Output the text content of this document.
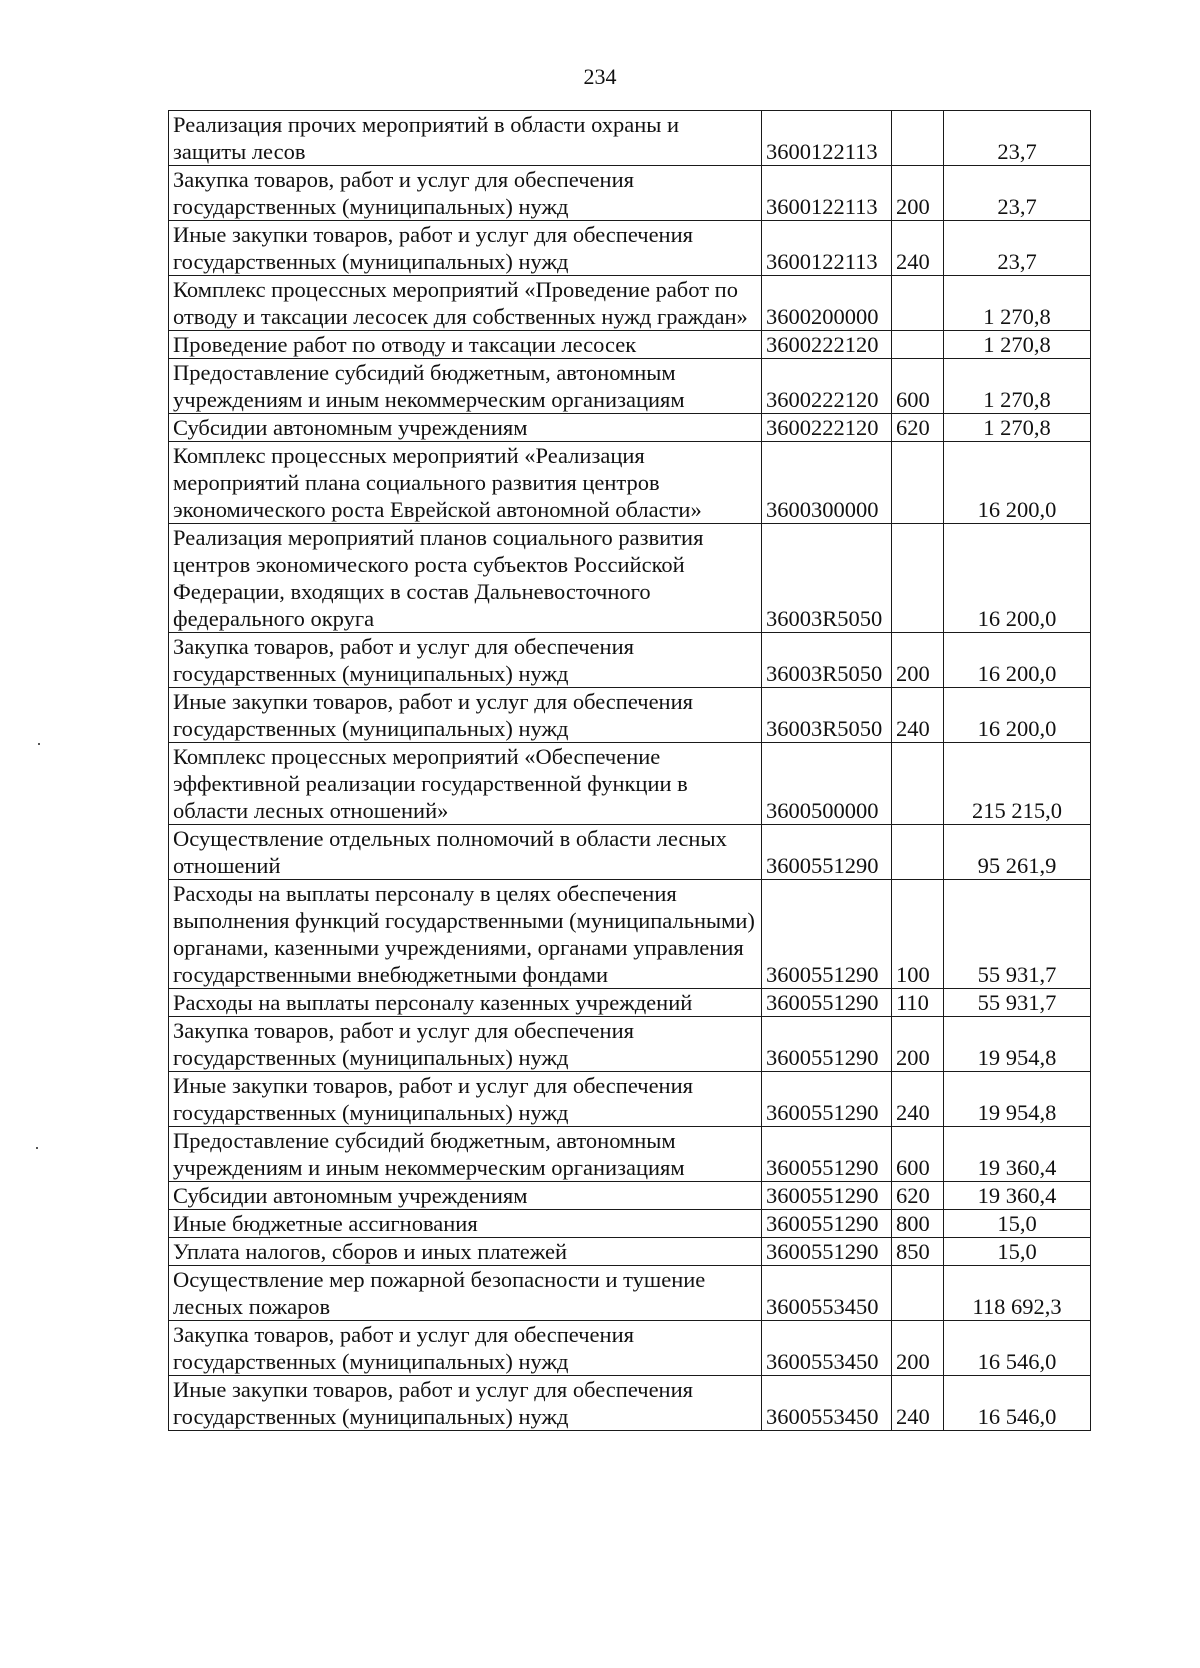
234
Реализация прочих мероприятий в области охраны и защиты лесов	3600122113		23,7
Закупка товаров, работ и услуг для обеспечения государственных (муниципальных) нужд	3600122113	200	23,7
Иные закупки товаров, работ и услуг для обеспечения государственных (муниципальных) нужд	3600122113	240	23,7
Комплекс процессных мероприятий «Проведение работ по отводу и таксации лесосек для собственных нужд граждан»	3600200000		1 270,8
Проведение работ по отводу и таксации лесосек	3600222120		1 270,8
Предоставление субсидий бюджетным, автономным учреждениям и иным некоммерческим организациям	3600222120	600	1 270,8
Субсидии автономным учреждениям	3600222120	620	1 270,8
Комплекс процессных мероприятий «Реализация мероприятий плана социального развития центров экономического роста Еврейской автономной области»	3600300000		16 200,0
Реализация мероприятий планов социального развития центров экономического роста субъектов Российской Федерации, входящих в состав Дальневосточного федерального округа	36003R5050		16 200,0
Закупка товаров, работ и услуг для обеспечения государственных (муниципальных) нужд	36003R5050	200	16 200,0
Иные закупки товаров, работ и услуг для обеспечения государственных (муниципальных) нужд	36003R5050	240	16 200,0
Комплекс процессных мероприятий «Обеспечение эффективной реализации государственной функции в области лесных отношений»	3600500000		215 215,0
Осуществление отдельных полномочий в области лесных отношений	3600551290		95 261,9
Расходы на выплаты персоналу в целях обеспечения выполнения функций государственными (муниципальными) органами, казенными учреждениями, органами управления государственными внебюджетными фондами	3600551290	100	55 931,7
Расходы на выплаты персоналу казенных учреждений	3600551290	110	55 931,7
Закупка товаров, работ и услуг для обеспечения государственных (муниципальных) нужд	3600551290	200	19 954,8
Иные закупки товаров, работ и услуг для обеспечения государственных (муниципальных) нужд	3600551290	240	19 954,8
Предоставление субсидий бюджетным, автономным учреждениям и иным некоммерческим организациям	3600551290	600	19 360,4
Субсидии автономным учреждениям	3600551290	620	19 360,4
Иные бюджетные ассигнования	3600551290	800	15,0
Уплата налогов, сборов и иных платежей	3600551290	850	15,0
Осуществление мер пожарной безопасности и тушение лесных пожаров	3600553450		118 692,3
Закупка товаров, работ и услуг для обеспечения государственных (муниципальных) нужд	3600553450	200	16 546,0
Иные закупки товаров, работ и услуг для обеспечения государственных (муниципальных) нужд	3600553450	240	16 546,0
